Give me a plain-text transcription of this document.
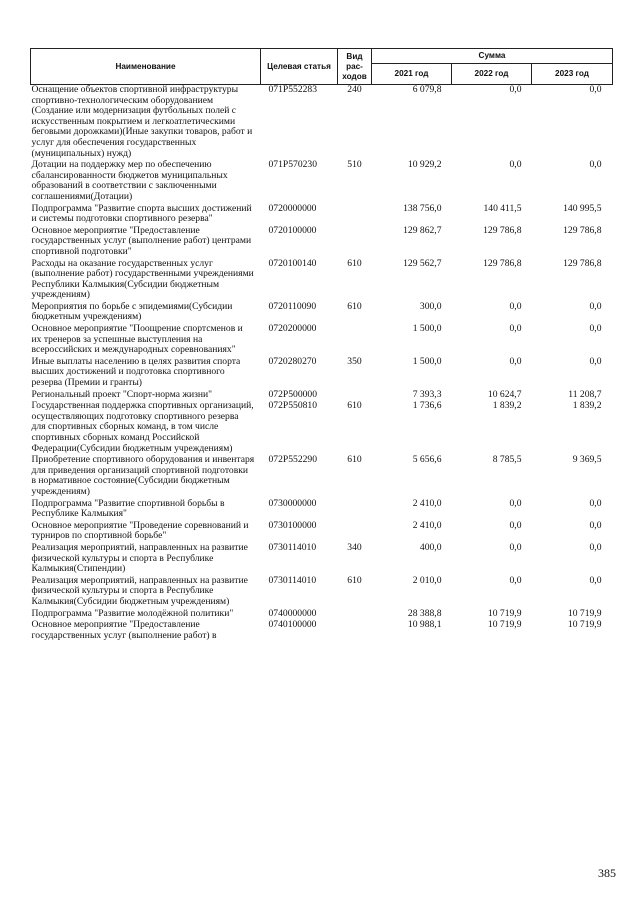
Наименование	Целевая статья	Вид рас-ходов	Сумма		
			2021 год	2022 год	2023 год
Оснащение объектов спортивной инфраструктуры спортивно-технологическим оборудованием (Создание или модернизация футбольных полей с искусственным покрытием и легкоатлетическими беговыми дорожками)(Иные закупки товаров, работ и услуг для обеспечения государственных (муниципальных) нужд)	071P552283	240	6 079,8	0,0	0,0
Дотации на поддержку мер по обеспечению сбалансированности бюджетов муниципальных образований в соответствии с заключенными соглашениями(Дотации)	071P570230	510	10 929,2	0,0	0,0
Подпрограмма "Развитие спорта высших достижений и системы подготовки спортивного резерва"	0720000000		138 756,0	140 411,5	140 995,5
Основное мероприятие "Предоставление государственных услуг (выполнение работ) центрами спортивной подготовки"	0720100000		129 862,7	129 786,8	129 786,8
Расходы на оказание государственных услуг (выполнение работ) государственными учреждениями Республики Калмыкия(Субсидии бюджетным учреждениям)	0720100140	610	129 562,7	129 786,8	129 786,8
Мероприятия по борьбе с эпидемиями(Субсидии бюджетным учреждениям)	0720110090	610	300,0	0,0	0,0
Основное мероприятие "Поощрение спортсменов и их тренеров за успешные выступления на всероссийских и международных соревнованиях"	0720200000		1 500,0	0,0	0,0
Иные выплаты населению в целях развития спорта высших достижений и подготовка спортивного резерва (Премии и гранты)	0720280270	350	1 500,0	0,0	0,0
Региональный проект "Спорт-норма жизни"	072P500000		7 393,3	10 624,7	11 208,7
Государственная поддержка спортивных организаций, осуществляющих подготовку спортивного резерва для спортивных сборных команд, в том числе спортивных сборных команд Российской Федерации(Субсидии бюджетным учреждениям)	072P550810	610	1 736,6	1 839,2	1 839,2
Приобретение спортивного оборудования и инвентаря для приведения организаций спортивной подготовки в нормативное состояние(Субсидии бюджетным учреждениям)	072P552290	610	5 656,6	8 785,5	9 369,5
Подпрограмма "Развитие спортивной борьбы в Республике Калмыкия"	0730000000		2 410,0	0,0	0,0
Основное мероприятие "Проведение соревнований и турниров по спортивной борьбе"	0730100000		2 410,0	0,0	0,0
Реализация мероприятий, направленных на развитие физической культуры и спорта в Республике Калмыкия(Стипендии)	0730114010	340	400,0	0,0	0,0
Реализация мероприятий, направленных на развитие физической культуры и спорта в Республике Калмыкия(Субсидии бюджетным учреждениям)	0730114010	610	2 010,0	0,0	0,0
Подпрограмма "Развитие молодёжной политики"	0740000000		28 388,8	10 719,9	10 719,9
Основное мероприятие "Предоставление государственных услуг (выполнение работ) в	0740100000		10 988,1	10 719,9	10 719,9
385
